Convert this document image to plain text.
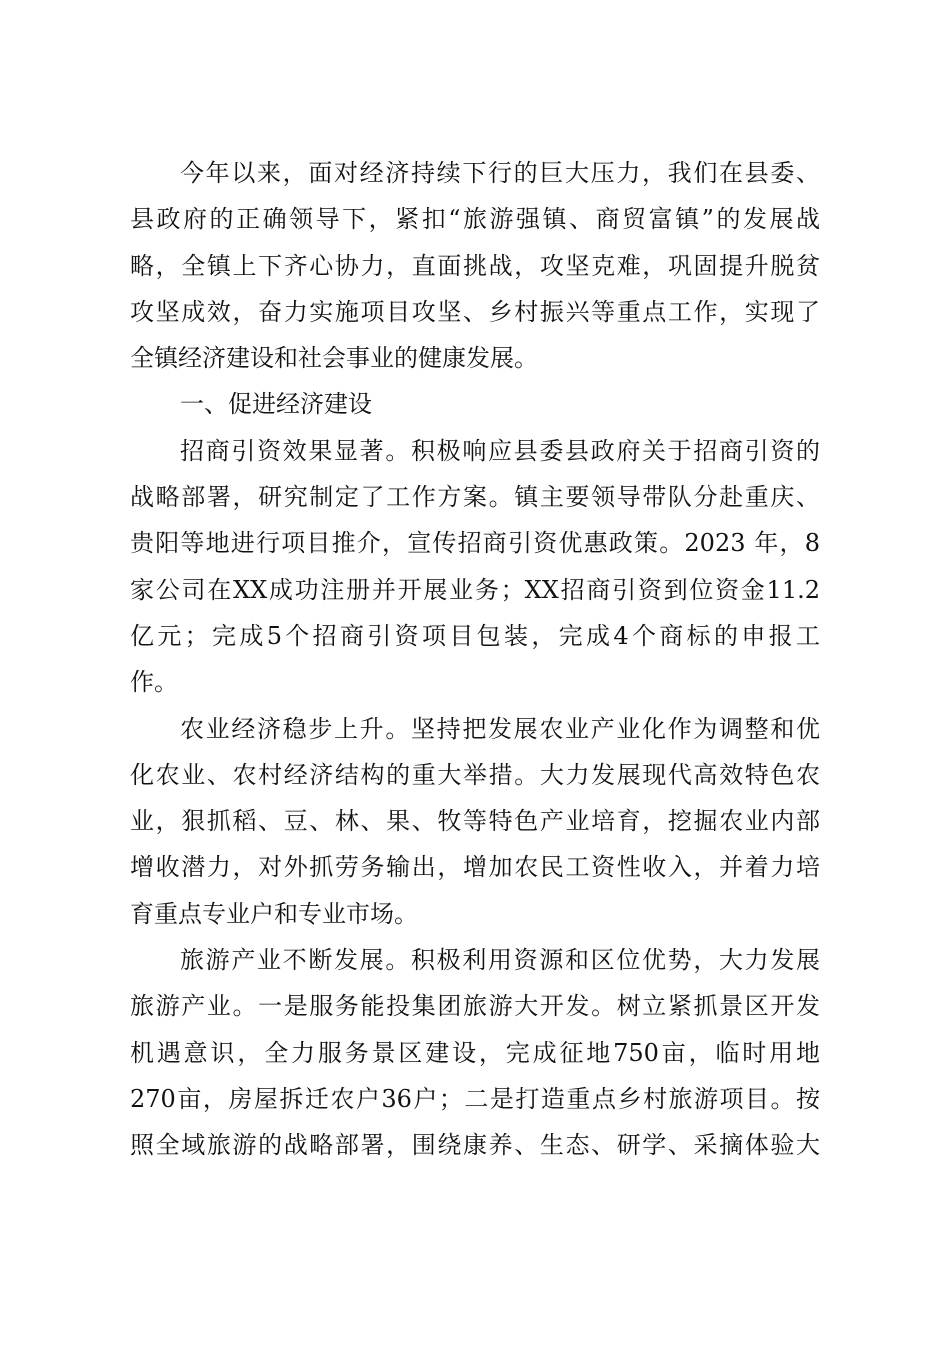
今年以来，面对经济持续下行的巨大压力，我们在县委、
县政府的正确领导下，紧扣“旅游强镇、商贸富镇”的发展战
略，全镇上下齐心协力，直面挑战，攻坚克难，巩固提升脱贫
攻坚成效，奋力实施项目攻坚、乡村振兴等重点工作，实现了
全镇经济建设和社会事业的健康发展。
一、促进经济建设
招商引资效果显著。积极响应县委县政府关于招商引资的
战略部署，研究制定了工作方案。镇主要领导带队分赴重庆、
贵阳等地进行项目推介，宣传招商引资优惠政策。2023 年，8
家公司在XX成功注册并开展业务；XX招商引资到位资金11.2
亿元；完成5个招商引资项目包装，完成4个商标的申报工
作。
农业经济稳步上升。坚持把发展农业产业化作为调整和优
化农业、农村经济结构的重大举措。大力发展现代高效特色农
业，狠抓稻、豆、林、果、牧等特色产业培育，挖掘农业内部
增收潜力，对外抓劳务输出，增加农民工资性收入，并着力培
育重点专业户和专业市场。
旅游产业不断发展。积极利用资源和区位优势，大力发展
旅游产业。一是服务能投集团旅游大开发。树立紧抓景区开发
机遇意识，全力服务景区建设，完成征地750亩，临时用地
270亩，房屋拆迁农户36户；二是打造重点乡村旅游项目。按
照全域旅游的战略部署，围绕康养、生态、研学、采摘体验大
